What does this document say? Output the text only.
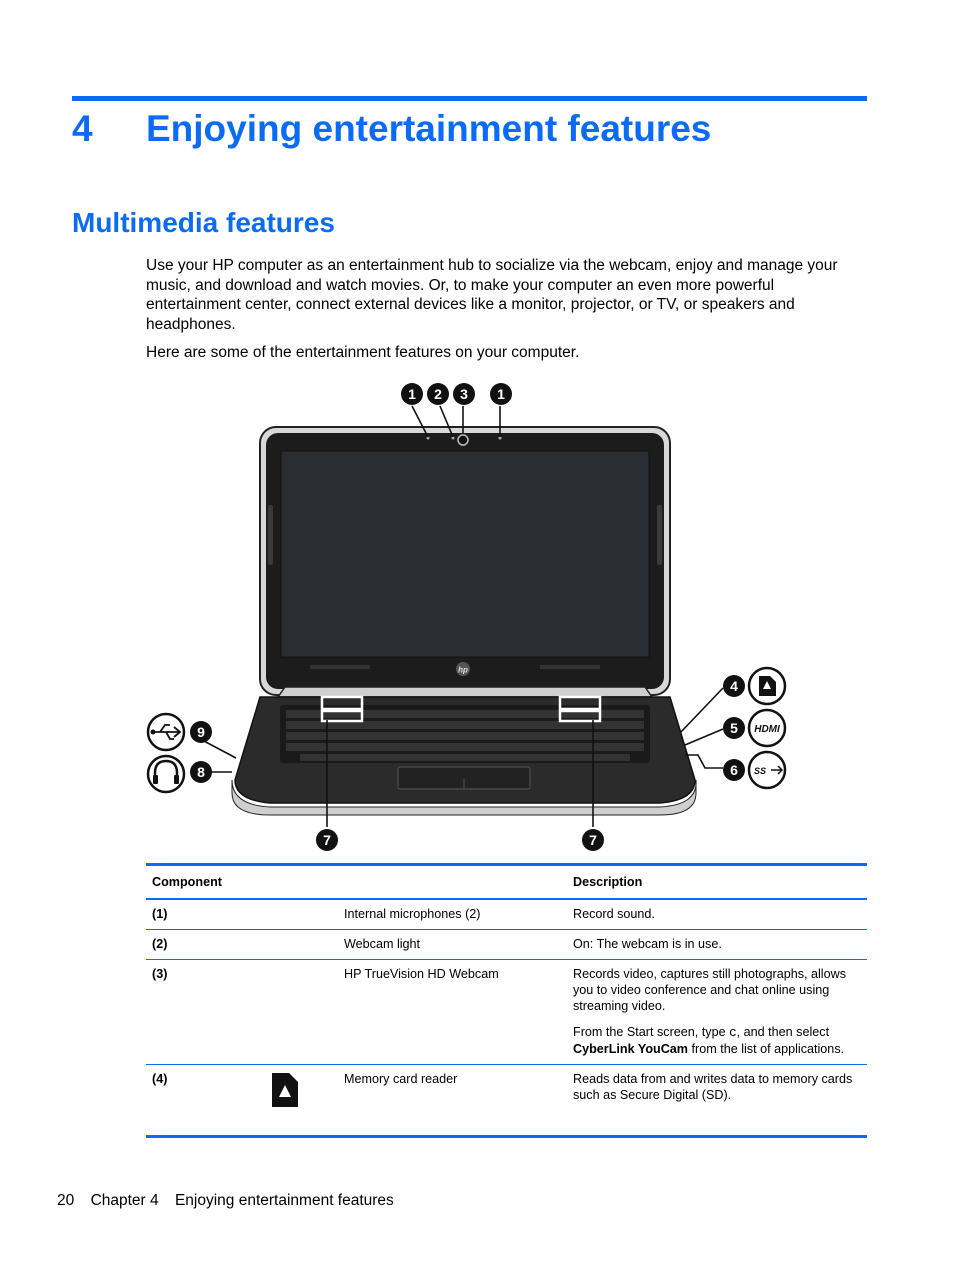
4 Enjoying entertainment features
Multimedia features
Use your HP computer as an entertainment hub to socialize via the webcam, enjoy and manage your music, and download and watch movies. Or, to make your computer an even more powerful entertainment center, connect external devices like a monitor, projector, or TV, or speakers and headphones.
Here are some of the entertainment features on your computer.
hp
1 2 3 1
4
5
6
7	7
8
9	HDMI
SS
Component			Description
(1)		Internal microphones (2)	Record sound.
(2)		Webcam light	On: The webcam is in use.
(3)		HP TrueVision HD Webcam	Records video, captures still photographs, allows you to video conference and chat online using streaming video.
From the Start screen, type c, and then select CyberLink YouCam from the list of applications.

(4)		Memory card reader	Reads data from and writes data to memory cards such as Secure Digital (SD).
20 Chapter 4 Enjoying entertainment features
